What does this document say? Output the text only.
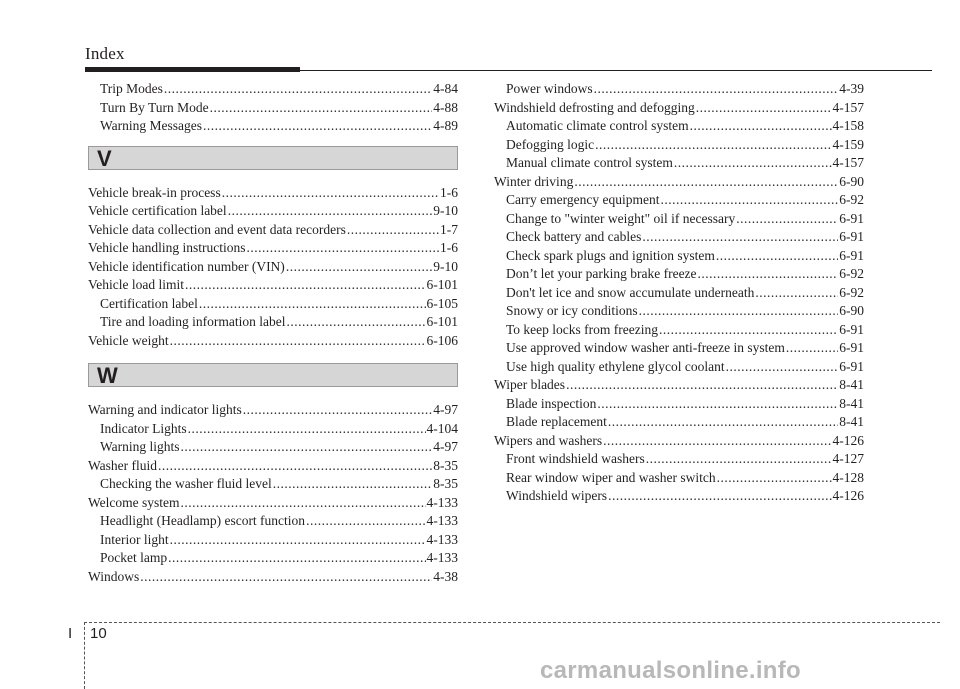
Index
Trip Modes .....	4-84
Turn By Turn Mode .....	4-88
Warning Messages .....	4-89
V
Vehicle break-in process .....	1-6
Vehicle certification label .....	9-10
Vehicle data collection and event data recorders .....	1-7
Vehicle handling instructions .....	1-6
Vehicle identification number (VIN) .....	9-10
Vehicle load limit .....	6-101
Certification label .....	6-105
Tire and loading information label .....	6-101
Vehicle weight .....	6-106
W
Warning and indicator lights .....	4-97
Indicator Lights .....	4-104
Warning lights .....	4-97
Washer fluid .....	8-35
Checking the washer fluid level .....	8-35
Welcome system .....	4-133
Headlight (Headlamp) escort function .....	4-133
Interior light .....	4-133
Pocket lamp .....	4-133
Windows .....	4-38
Power windows .....	4-39
Windshield defrosting and defogging .....	4-157
Automatic climate control system .....	4-158
Defogging logic .....	4-159
Manual climate control system .....	4-157
Winter driving .....	6-90
Carry emergency equipment .....	6-92
Change to "winter weight" oil if necessary .....	6-91
Check battery and cables .....	6-91
Check spark plugs and ignition system .....	6-91
Don’t let your parking brake freeze .....	6-92
Don't let ice and snow accumulate underneath .....	6-92
Snowy or icy conditions .....	6-90
To keep locks from freezing .....	6-91
Use approved window washer anti-freeze in system .....	6-91
Use high quality ethylene glycol coolant .....	6-91
Wiper blades .....	8-41
Blade inspection .....	8-41
Blade replacement .....	8-41
Wipers and washers .....	4-126
Front windshield washers .....	4-127
Rear window wiper and washer switch .....	4-128
Windshield wipers .....	4-126
I 10
carmanualsonline.info
